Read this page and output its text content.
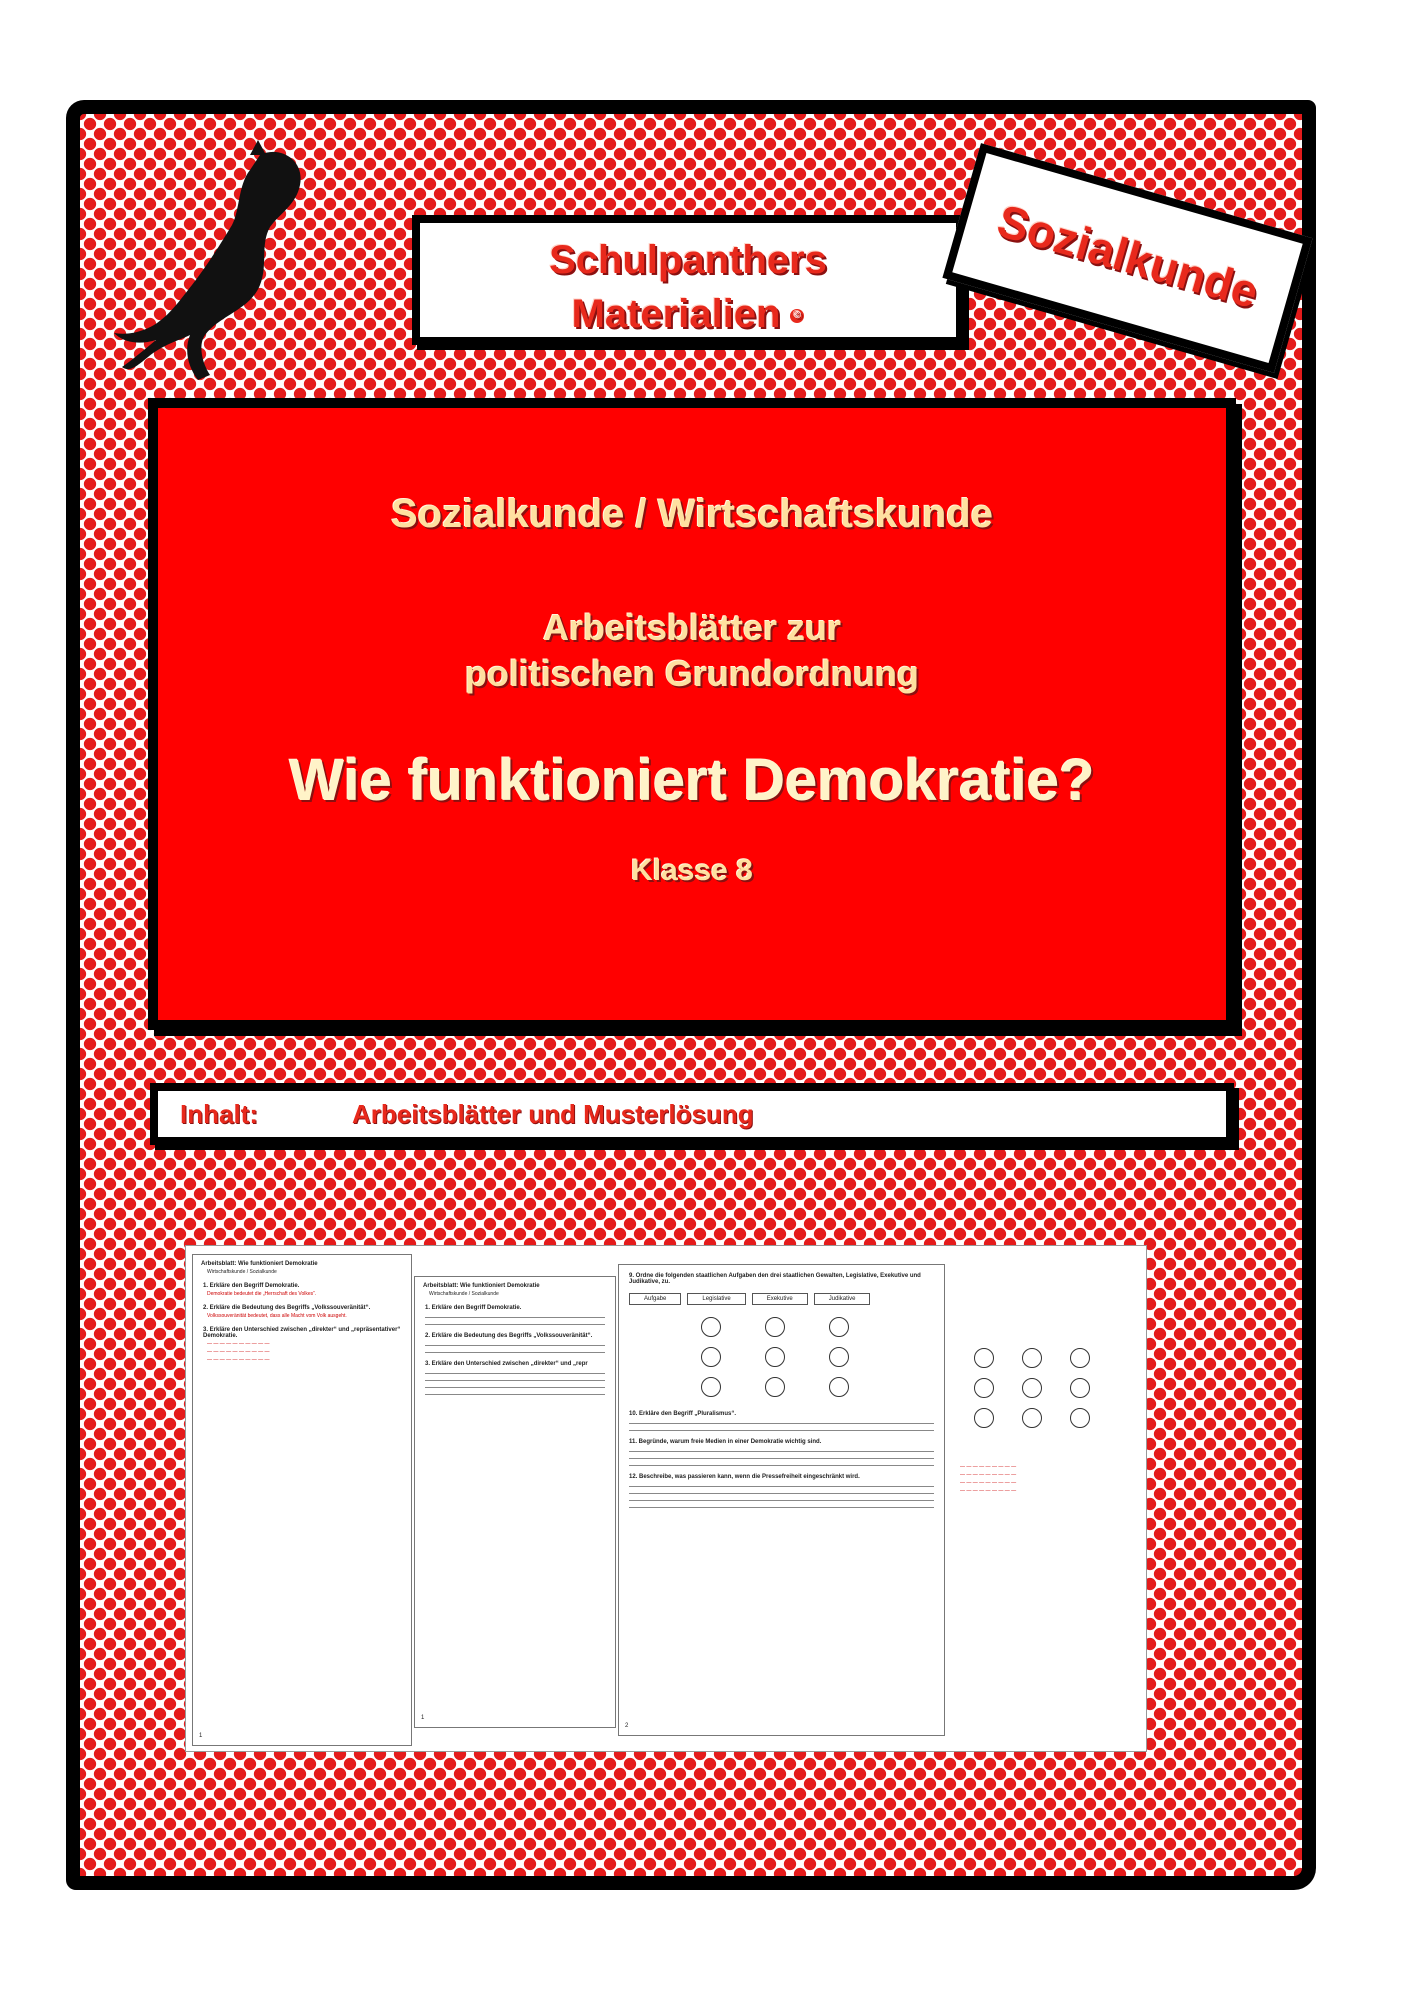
Schulpanthers
Materialien ©	Sozialkunde
Sozialkunde / Wirtschaftskunde
Arbeitsblätter zur
politischen Grundordnung
Wie funktioniert Demokratie?
Klasse 8
Inhalt:	Arbeitsblätter und Musterlösung
Arbeitsblatt: Wie funktioniert Demokratie
Wirtschaftskunde / Sozialkunde
1. Erkläre den Begriff Demokratie.
Demokratie bedeutet die „Herrschaft des Volkes“.
2. Erkläre die Bedeutung des Begriffs „Volkssouveränität“.
Volkssouveränität bedeutet, dass alle Macht vom Volk ausgeht.
3. Erkläre den Unterschied zwischen „direkter“ und „repräsentativer“ Demokratie.
— — — — — — — — — —
— — — — — — — — — —
— — — — — — — — — —
1
Arbeitsblatt: Wie funktioniert Demokratie
Wirtschaftskunde / Sozialkunde
1. Erkläre den Begriff Demokratie.
2. Erkläre die Bedeutung des Begriffs „Volkssouveränität“.
3. Erkläre den Unterschied zwischen „direkter“ und „repr
1
9. Ordne die folgenden staatlichen Aufgaben den drei staatlichen Gewalten, Legislative, Exekutive und Judikative, zu.
Aufgabe	Legislative	Exekutive	Judikative

10. Erkläre den Begriff „Pluralismus“.
11. Begründe, warum freie Medien in einer Demokratie wichtig sind.
12. Beschreibe, was passieren kann, wenn die Pressefreiheit eingeschränkt wird.
2

— — — — — — — — —
— — — — — — — — —
— — — — — — — — —
— — — — — — — — —
